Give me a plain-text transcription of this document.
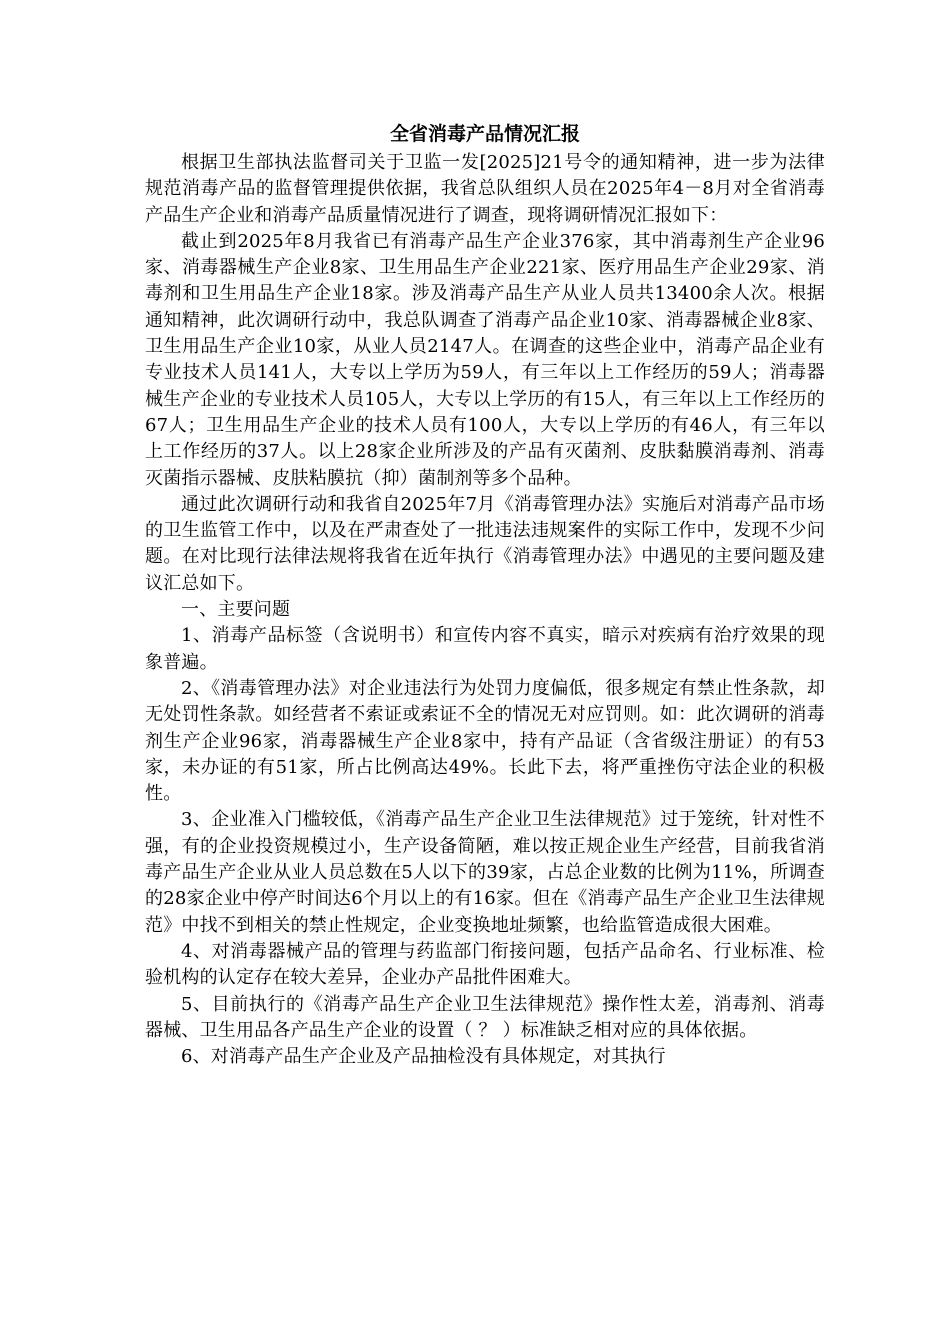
全省消毒产品情况汇报

根据卫生部执法监督司关于卫监一发[2025]21号令的通知精神，进一步为法律规范消毒产品的监督管理提供依据，我省总队组织人员在2025年4－8月对全省消毒产品生产企业和消毒产品质量情况进行了调查，现将调研情况汇报如下：

截止到2025年8月我省已有消毒产品生产企业376家，其中消毒剂生产企业96家、消毒器械生产企业8家、卫生用品生产企业221家、医疗用品生产企业29家、消毒剂和卫生用品生产企业18家。涉及消毒产品生产从业人员共13400余人次。根据通知精神，此次调研行动中，我总队调查了消毒产品企业10家、消毒器械企业8家、卫生用品生产企业10家，从业人员2147人。在调查的这些企业中，消毒产品企业有专业技术人员141人，大专以上学历为59人，有三年以上工作经历的59人；消毒器械生产企业的专业技术人员105人，大专以上学历的有15人，有三年以上工作经历的67人；卫生用品生产企业的技术人员有100人，大专以上学历的有46人，有三年以上工作经历的37人。以上28家企业所涉及的产品有灭菌剂、皮肤黏膜消毒剂、消毒灭菌指示器械、皮肤粘膜抗（抑）菌制剂等多个品种。

通过此次调研行动和我省自2025年7月《消毒管理办法》实施后对消毒产品市场的卫生监管工作中，以及在严肃查处了一批违法违规案件的实际工作中，发现不少问题。在对比现行法律法规将我省在近年执行《消毒管理办法》中遇见的主要问题及建议汇总如下。

一、主要问题

1、消毒产品标签（含说明书）和宣传内容不真实，暗示对疾病有治疗效果的现象普遍。

2、《消毒管理办法》对企业违法行为处罚力度偏低，很多规定有禁止性条款，却无处罚性条款。如经营者不索证或索证不全的情况无对应罚则。如：此次调研的消毒剂生产企业96家，消毒器械生产企业8家中，持有产品证（含省级注册证）的有53家，未办证的有51家，所占比例高达49%。长此下去，将严重挫伤守法企业的积极性。

3、企业准入门槛较低，《消毒产品生产企业卫生法律规范》过于笼统，针对性不强，有的企业投资规模过小，生产设备简陋，难以按正规企业生产经营，目前我省消毒产品生产企业从业人员总数在5人以下的39家，占总企业数的比例为11%，所调查的28家企业中停产时间达6个月以上的有16家。但在《消毒产品生产企业卫生法律规范》中找不到相关的禁止性规定，企业变换地址频繁，也给监管造成很大困难。

4、对消毒器械产品的管理与药监部门衔接问题，包括产品命名、行业标准、检验机构的认定存在较大差异，企业办产品批件困难大。

5、目前执行的《消毒产品生产企业卫生法律规范》操作性太差，消毒剂、消毒器械、卫生用品各产品生产企业的设置（ ？ ）标准缺乏相对应的具体依据。

6、对消毒产品生产企业及产品抽检没有具体规定，对其执行
